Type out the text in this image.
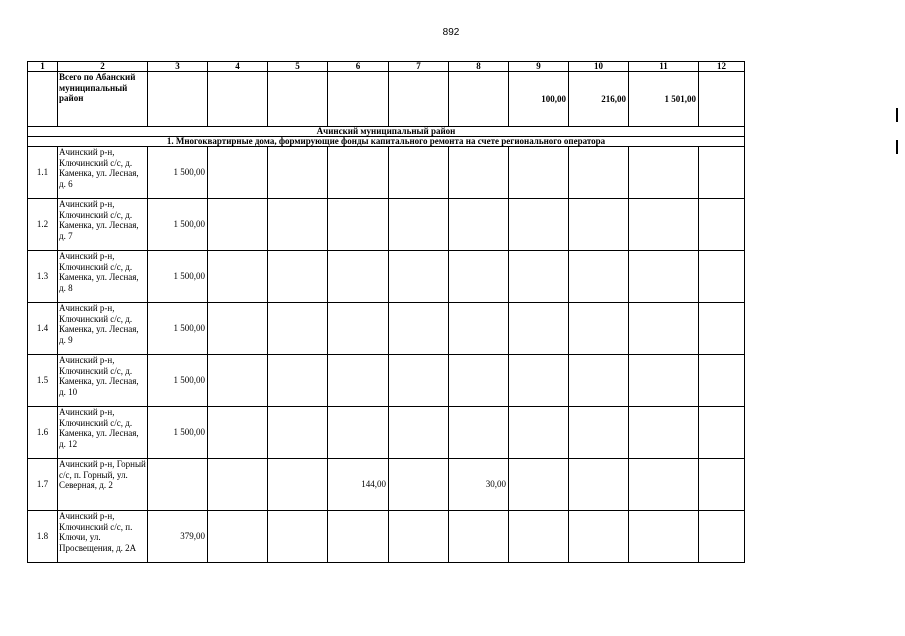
892
1	2	3	4	5	6	7	8	9	10	11	12
	Всего по Абанский муниципальный район							100,00	216,00	1 501,00	
Ачинский муниципальный район											
1. Многоквартирные дома, формирующие фонды капитального ремонта на счете регионального оператора											
1.1	Ачинский р-н, Ключинский с/с, д. Каменка, ул. Лесная, д. 6	1 500,00									
1.2	Ачинский р-н, Ключинский с/с, д. Каменка, ул. Лесная, д. 7	1 500,00									
1.3	Ачинский р-н, Ключинский с/с, д. Каменка, ул. Лесная, д. 8	1 500,00									
1.4	Ачинский р-н, Ключинский с/с, д. Каменка, ул. Лесная, д. 9	1 500,00									
1.5	Ачинский р-н, Ключинский с/с, д. Каменка, ул. Лесная, д. 10	1 500,00									
1.6	Ачинский р-н, Ключинский с/с, д. Каменка, ул. Лесная, д. 12	1 500,00									
1.7	Ачинский р-н, Горный с/с, п. Горный, ул. Северная, д. 2				144,00		30,00				
1.8	Ачинский р-н, Ключинский с/с, п. Ключи, ул. Просвещения, д. 2А	379,00									
